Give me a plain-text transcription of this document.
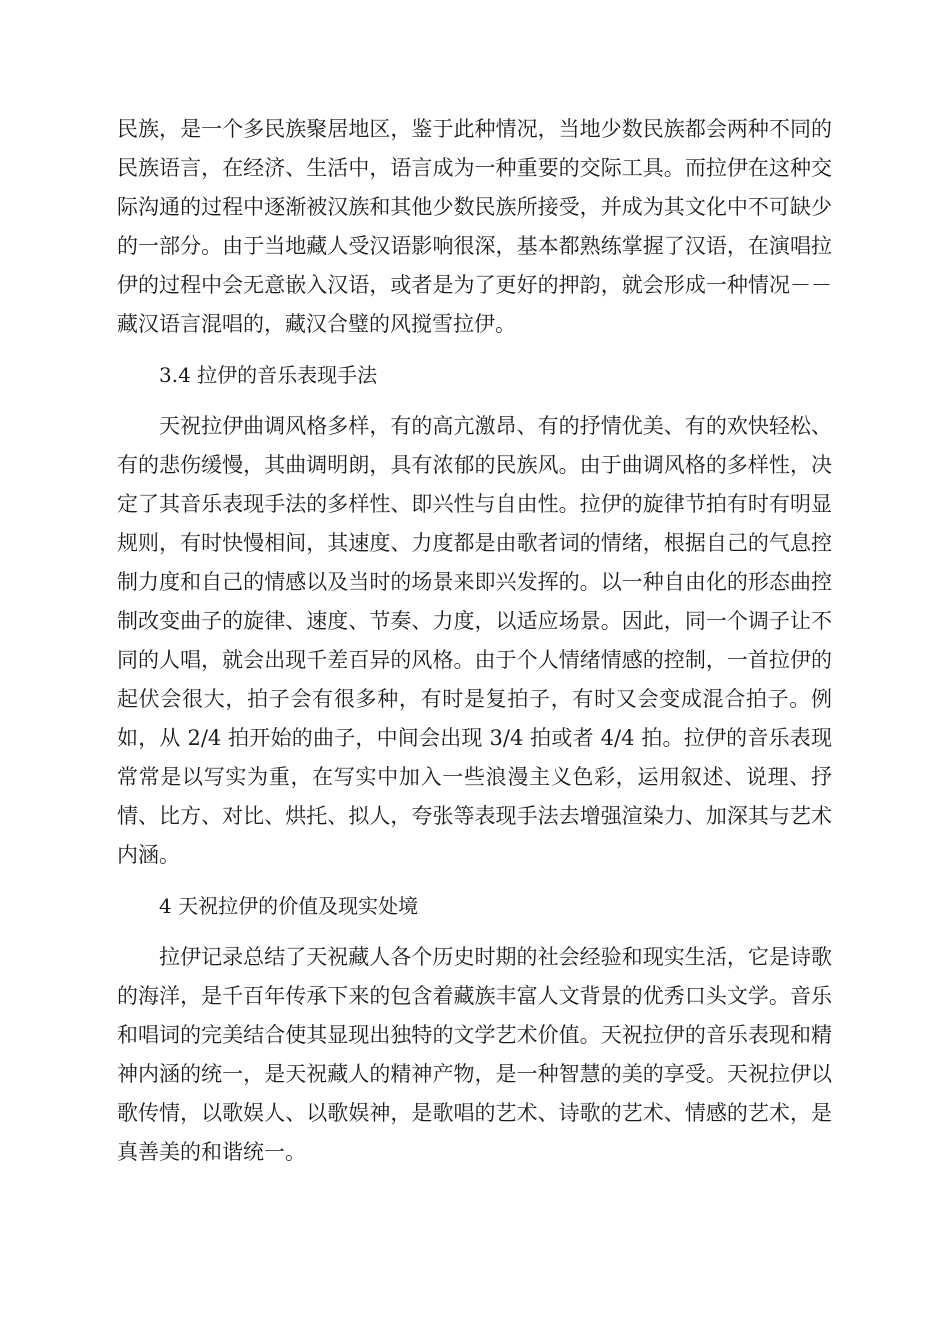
民族，是一个多民族聚居地区，鉴于此种情况，当地少数民族都会两种不同的民族语言，在经济、生活中，语言成为一种重要的交际工具。而拉伊在这种交际沟通的过程中逐渐被汉族和其他少数民族所接受，并成为其文化中不可缺少的一部分。由于当地藏人受汉语影响很深，基本都熟练掌握了汉语，在演唱拉伊的过程中会无意嵌入汉语，或者是为了更好的押韵，就会形成一种情况－－藏汉语言混唱的，藏汉合璧的风搅雪拉伊。

3.4 拉伊的音乐表现手法

天祝拉伊曲调风格多样，有的高亢激昂、有的抒情优美、有的欢快轻松、有的悲伤缓慢，其曲调明朗，具有浓郁的民族风。由于曲调风格的多样性，决定了其音乐表现手法的多样性、即兴性与自由性。拉伊的旋律节拍有时有明显规则，有时快慢相间，其速度、力度都是由歌者词的情绪，根据自己的气息控制力度和自己的情感以及当时的场景来即兴发挥的。以一种自由化的形态曲控制改变曲子的旋律、速度、节奏、力度，以适应场景。因此，同一个调子让不同的人唱，就会出现千差百异的风格。由于个人情绪情感的控制，一首拉伊的起伏会很大，拍子会有很多种，有时是复拍子，有时又会变成混合拍子。例如，从 2/4 拍开始的曲子，中间会出现 3/4 拍或者 4/4 拍。拉伊的音乐表现常常是以写实为重，在写实中加入一些浪漫主义色彩，运用叙述、说理、抒情、比方、对比、烘托、拟人，夸张等表现手法去增强渲染力、加深其与艺术内涵。

4 天祝拉伊的价值及现实处境

拉伊记录总结了天祝藏人各个历史时期的社会经验和现实生活，它是诗歌的海洋，是千百年传承下来的包含着藏族丰富人文背景的优秀口头文学。音乐和唱词的完美结合使其显现出独特的文学艺术价值。天祝拉伊的音乐表现和精神内涵的统一，是天祝藏人的精神产物，是一种智慧的美的享受。天祝拉伊以歌传情，以歌娱人、以歌娱神，是歌唱的艺术、诗歌的艺术、情感的艺术，是真善美的和谐统一。
